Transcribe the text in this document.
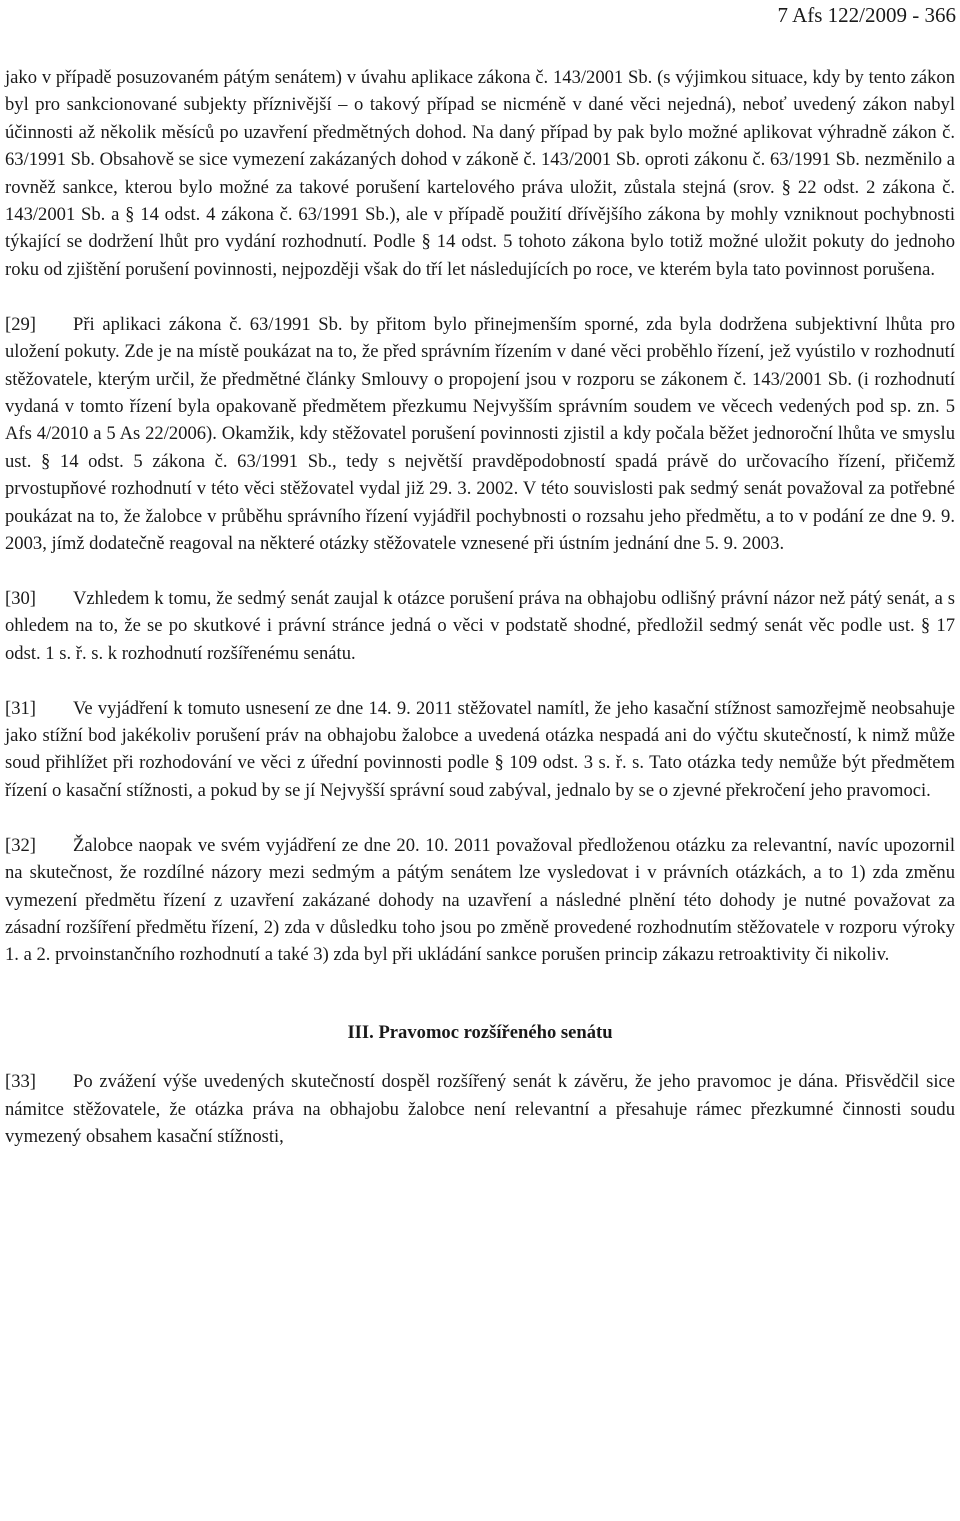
7 Afs 122/2009 - 366

jako v případě posuzovaném pátým senátem) v úvahu aplikace zákona č. 143/2001 Sb. (s výjimkou situace, kdy by tento zákon byl pro sankcionované subjekty příznivější – o takový případ se nicméně v dané věci nejedná), neboť uvedený zákon nabyl účinnosti až několik měsíců po uzavření předmětných dohod. Na daný případ by pak bylo možné aplikovat výhradně zákon č. 63/1991 Sb. Obsahově se sice vymezení zakázaných dohod v zákoně č. 143/2001 Sb. oproti zákonu č. 63/1991 Sb. nezměnilo a rovněž sankce, kterou bylo možné za takové porušení kartelového práva uložit, zůstala stejná (srov. § 22 odst. 2 zákona č. 143/2001 Sb. a § 14 odst. 4 zákona č. 63/1991 Sb.), ale v případě použití dřívějšího zákona by mohly vzniknout pochybnosti týkající se dodržení lhůt pro vydání rozhodnutí. Podle § 14 odst. 5 tohoto zákona bylo totiž možné uložit pokuty do jednoho roku od zjištění porušení povinnosti, nejpozději však do tří let následujících po roce, ve kterém byla tato povinnost porušena.

[29] Při aplikaci zákona č. 63/1991 Sb. by přitom bylo přinejmenším sporné, zda byla dodržena subjektivní lhůta pro uložení pokuty. Zde je na místě poukázat na to, že před správním řízením v dané věci proběhlo řízení, jež vyústilo v rozhodnutí stěžovatele, kterým určil, že předmětné články Smlouvy o propojení jsou v rozporu se zákonem č. 143/2001 Sb. (i rozhodnutí vydaná v tomto řízení byla opakovaně předmětem přezkumu Nejvyšším správním soudem ve věcech vedených pod sp. zn. 5 Afs 4/2010 a 5 As 22/2006). Okamžik, kdy stěžovatel porušení povinnosti zjistil a kdy počala běžet jednoroční lhůta ve smyslu ust. § 14 odst. 5 zákona č. 63/1991 Sb., tedy s největší pravděpodobností spadá právě do určovacího řízení, přičemž prvostupňové rozhodnutí v této věci stěžovatel vydal již 29. 3. 2002. V této souvislosti pak sedmý senát považoval za potřebné poukázat na to, že žalobce v průběhu správního řízení vyjádřil pochybnosti o rozsahu jeho předmětu, a to v podání ze dne 9. 9. 2003, jímž dodatečně reagoval na některé otázky stěžovatele vznesené při ústním jednání dne 5. 9. 2003.

[30] Vzhledem k tomu, že sedmý senát zaujal k otázce porušení práva na obhajobu odlišný právní názor než pátý senát, a s ohledem na to, že se po skutkové i právní stránce jedná o věci v podstatě shodné, předložil sedmý senát věc podle ust. § 17 odst. 1 s. ř. s. k rozhodnutí rozšířenému senátu.

[31] Ve vyjádření k tomuto usnesení ze dne 14. 9. 2011 stěžovatel namítl, že jeho kasační stížnost samozřejmě neobsahuje jako stížní bod jakékoliv porušení práv na obhajobu žalobce a uvedená otázka nespadá ani do výčtu skutečností, k nimž může soud přihlížet při rozhodování ve věci z úřední povinnosti podle § 109 odst. 3 s. ř. s. Tato otázka tedy nemůže být předmětem řízení o kasační stížnosti, a pokud by se jí Nejvyšší správní soud zabýval, jednalo by se o zjevné překročení jeho pravomoci.

[32] Žalobce naopak ve svém vyjádření ze dne 20. 10. 2011 považoval předloženou otázku za relevantní, navíc upozornil na skutečnost, že rozdílné názory mezi sedmým a pátým senátem lze vysledovat i v právních otázkách, a to 1) zda změnu vymezení předmětu řízení z uzavření zakázané dohody na uzavření a následné plnění této dohody je nutné považovat za zásadní rozšíření předmětu řízení, 2) zda v důsledku toho jsou po změně provedené rozhodnutím stěžovatele v rozporu výroky 1. a 2. prvoinstančního rozhodnutí a také 3) zda byl při ukládání sankce porušen princip zákazu retroaktivity či nikoliv.

III. Pravomoc rozšířeného senátu

[33] Po zvážení výše uvedených skutečností dospěl rozšířený senát k závěru, že jeho pravomoc je dána. Přisvědčil sice námitce stěžovatele, že otázka práva na obhajobu žalobce není relevantní a přesahuje rámec přezkumné činnosti soudu vymezený obsahem kasační stížnosti,
